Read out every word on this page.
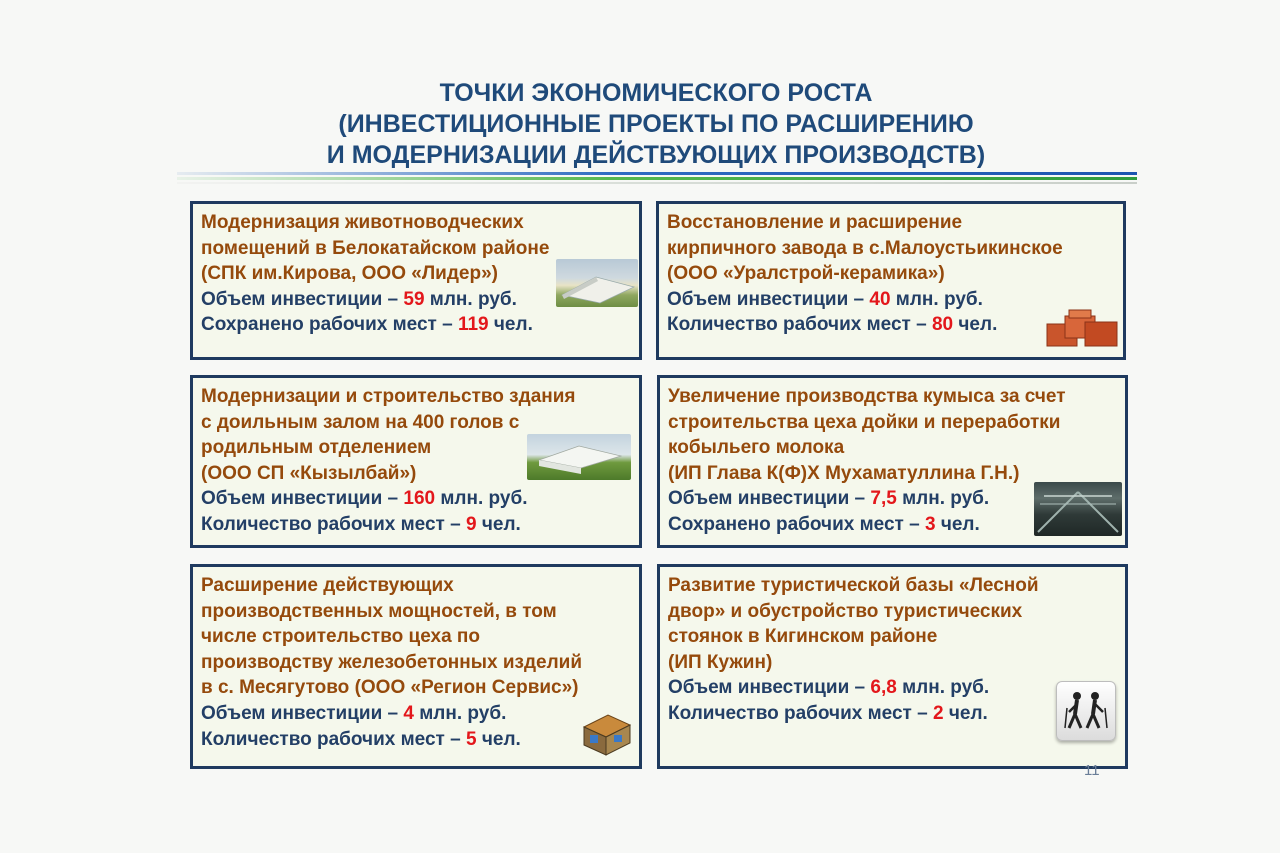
ТОЧКИ ЭКОНОМИЧЕСКОГО РОСТА
(ИНВЕСТИЦИОННЫЕ ПРОЕКТЫ ПО РАСШИРЕНИЮ
И МОДЕРНИЗАЦИИ ДЕЙСТВУЮЩИХ ПРОИЗВОДСТВ)
Модернизация животноводческих
помещений в Белокатайском районе
(СПК им.Кирова, ООО «Лидер»)
Объем инвестиции – 59 млн. руб.
Сохранено рабочих мест – 119 чел.
Восстановление и расширение
кирпичного завода в с.Малоустьикинское
(ООО «Уралстрой-керамика»)
Объем инвестиции – 40 млн. руб.
Количество рабочих мест – 80 чел.
Модернизации и строительство здания
с доильным залом на 400 голов с
родильным отделением
(ООО СП «Кызылбай»)
Объем инвестиции – 160 млн. руб.
Количество рабочих мест – 9 чел.
Увеличение производства кумыса за счет
строительства цеха дойки и переработки
кобыльего молока
(ИП Глава К(Ф)Х Мухаматуллина Г.Н.)
Объем инвестиции – 7,5 млн. руб.
Сохранено рабочих мест – 3 чел.
Расширение действующих
производственных мощностей, в том
числе строительство цеха по
производству железобетонных изделий
в с. Месягутово (ООО «Регион Сервис»)
Объем инвестиции – 4 млн. руб.
Количество рабочих мест – 5 чел.
Развитие туристической базы «Лесной
двор» и обустройство туристических
стоянок в Кигинском районе
(ИП Кужин)
Объем инвестиции – 6,8 млн. руб.
Количество рабочих мест – 2 чел.
11
